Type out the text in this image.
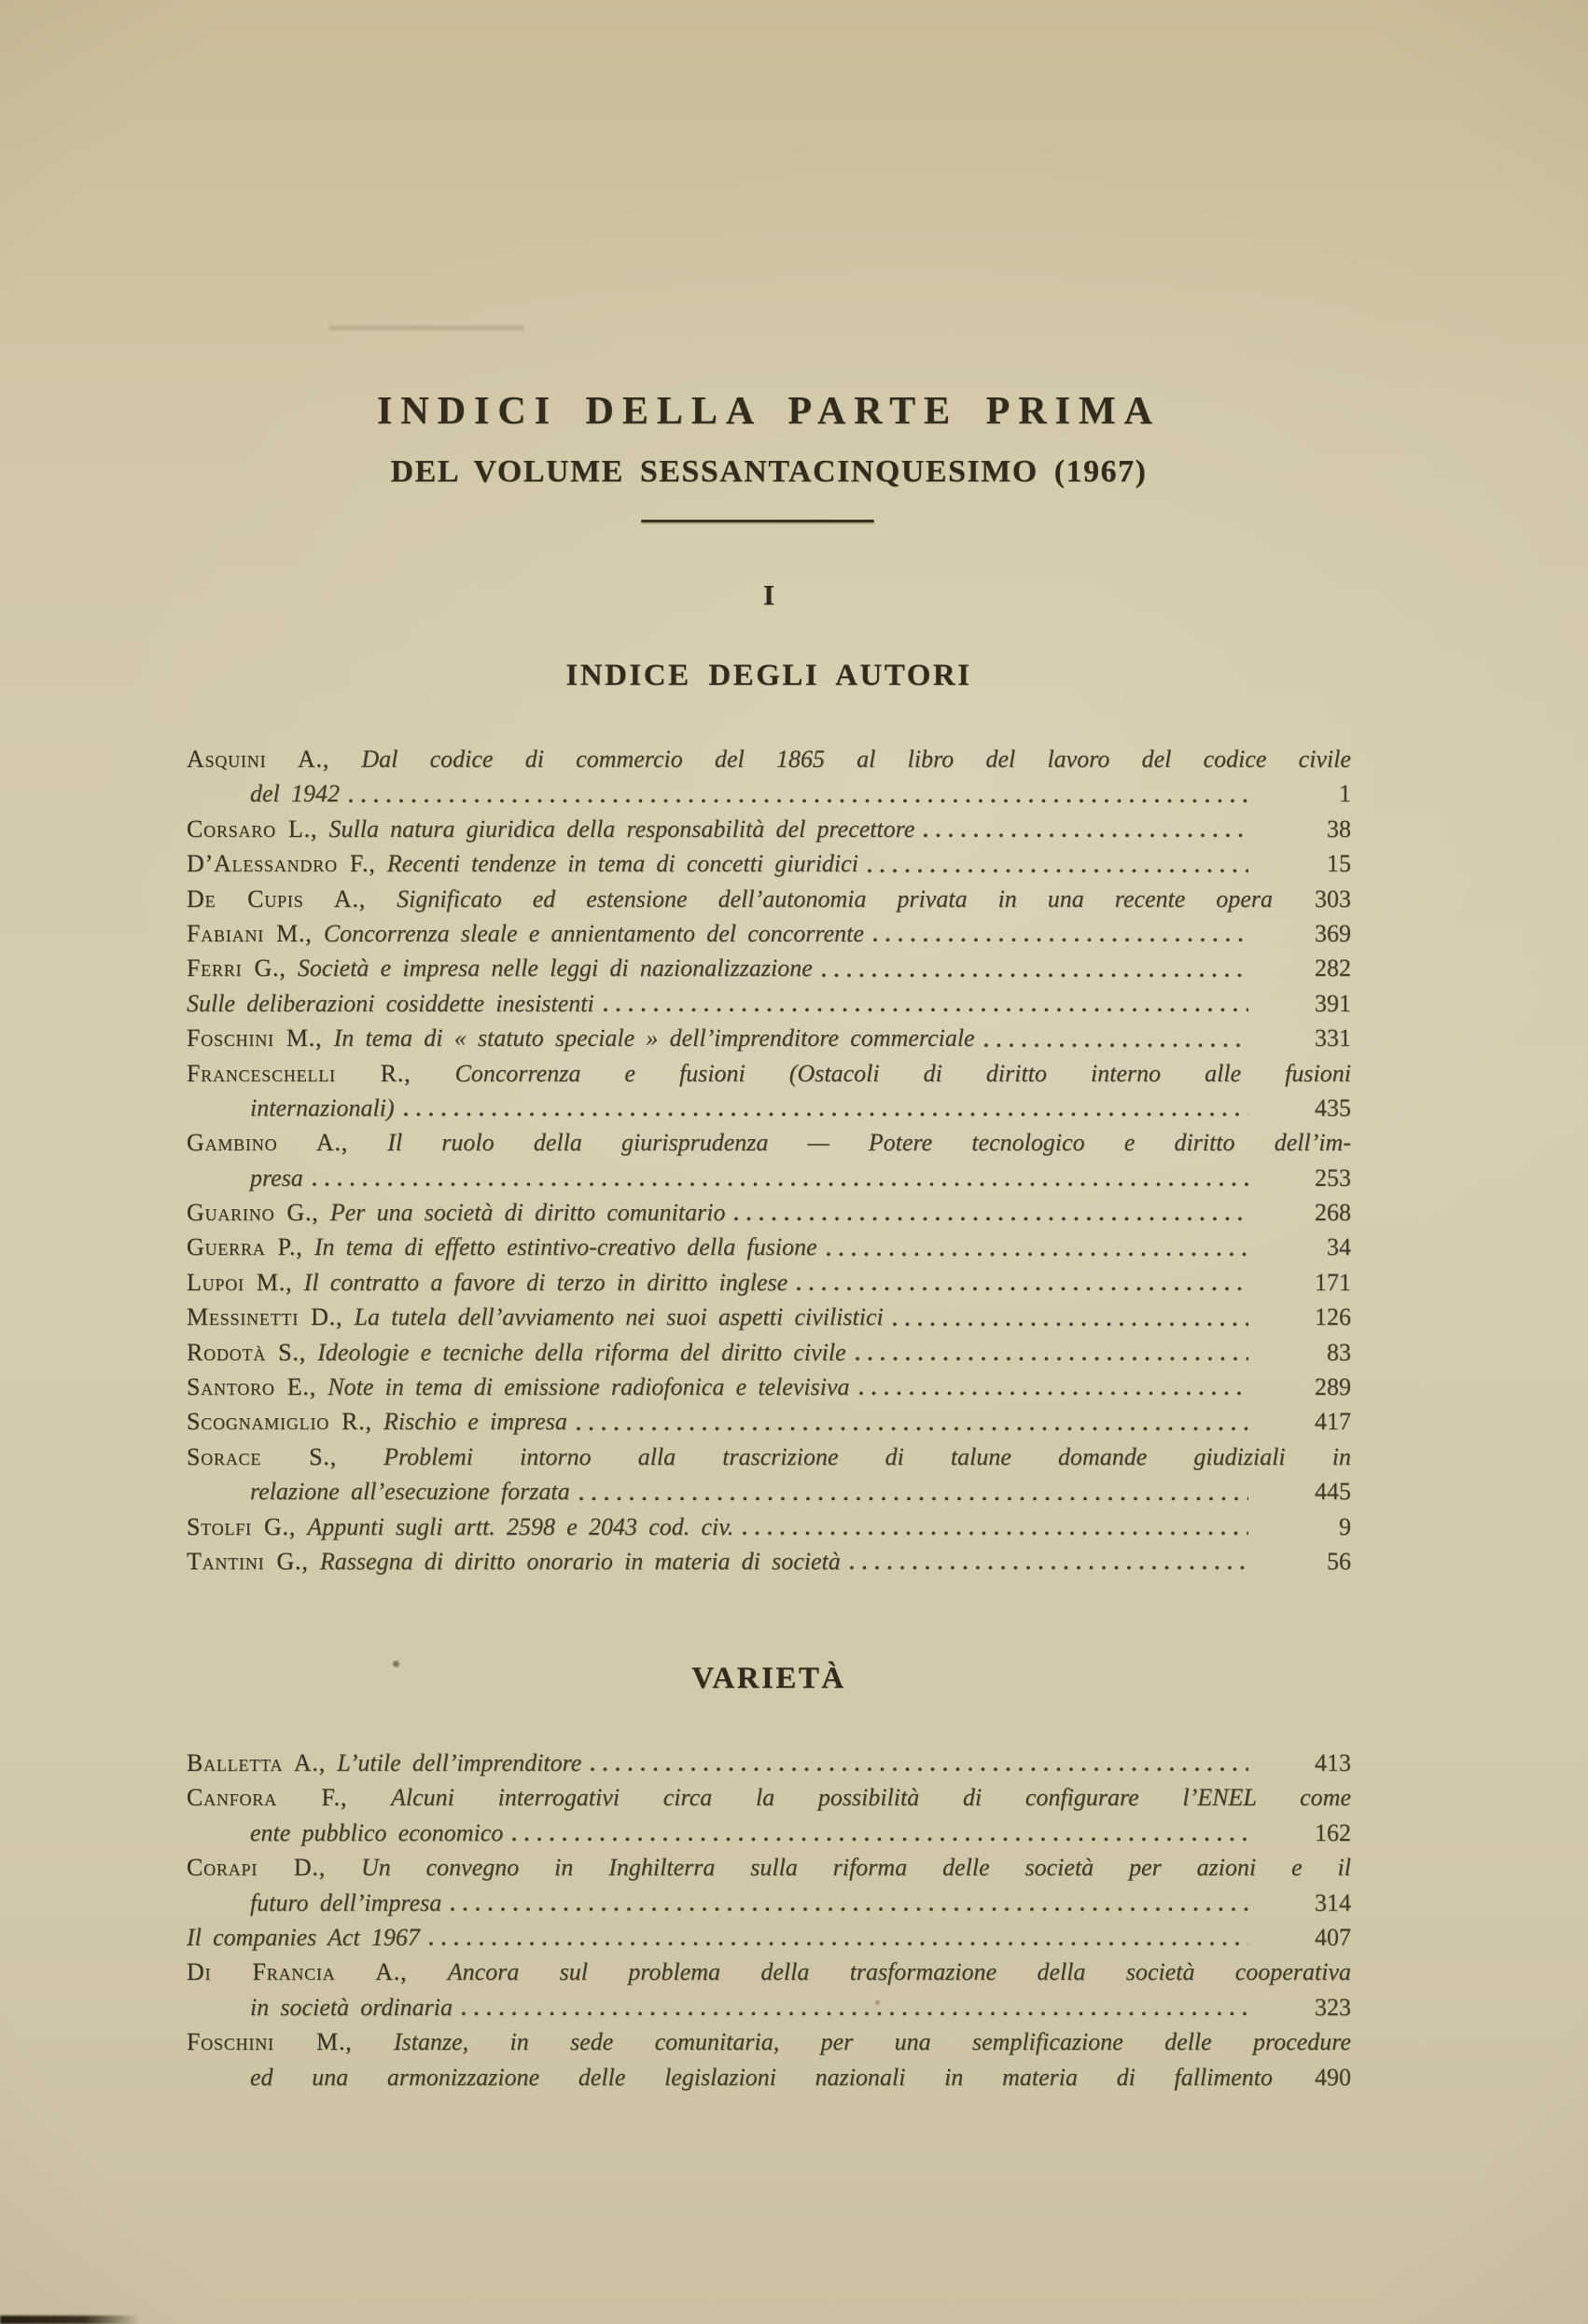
INDICI DELLA PARTE PRIMA
DEL VOLUME SESSANTACINQUESIMO (1967)
I
INDICE DEGLI AUTORI
Asquini A., Dal codice di commercio del 1865 al libro del lavoro del codice civile
del 1942	1
Corsaro L., Sulla natura giuridica della responsabilità del precettore	38
D’Alessandro F., Recenti tendenze in tema di concetti giuridici	15
De Cupis A., Significato ed estensione dell’autonomia privata in una recente opera	303
Fabiani M., Concorrenza sleale e annientamento del concorrente	369
Ferri G., Società e impresa nelle leggi di nazionalizzazione	282
Sulle deliberazioni cosiddette inesistenti	391
Foschini M., In tema di « statuto speciale » dell’imprenditore commerciale	331
Franceschelli R., Concorrenza e fusioni (Ostacoli di diritto interno alle fusioni
internazionali)	435
Gambino A., Il ruolo della giurisprudenza — Potere tecnologico e diritto dell’im-
presa	253
Guarino G., Per una società di diritto comunitario	268
Guerra P., In tema di effetto estintivo-creativo della fusione	34
Lupoi M., Il contratto a favore di terzo in diritto inglese	171
Messinetti D., La tutela dell’avviamento nei suoi aspetti civilistici	126
Rodotà S., Ideologie e tecniche della riforma del diritto civile	83
Santoro E., Note in tema di emissione radiofonica e televisiva	289
Scognamiglio R., Rischio e impresa	417
Sorace S., Problemi intorno alla trascrizione di talune domande giudiziali in
relazione all’esecuzione forzata	445
Stolfi G., Appunti sugli artt. 2598 e 2043 cod. civ.	9
Tantini G., Rassegna di diritto onorario in materia di società	56
VARIETÀ
Balletta A., L’utile dell’imprenditore	413
Canfora F., Alcuni interrogativi circa la possibilità di configurare l’ENEL come
ente pubblico economico	162
Corapi D., Un convegno in Inghilterra sulla riforma delle società per azioni e il
futuro dell’impresa	314
Il companies Act 1967	407
Di Francia A., Ancora sul problema della trasformazione della società cooperativa
in società ordinaria	323
Foschini M., Istanze, in sede comunitaria, per una semplificazione delle procedure
ed una armonizzazione delle legislazioni nazionali in materia di fallimento	490
